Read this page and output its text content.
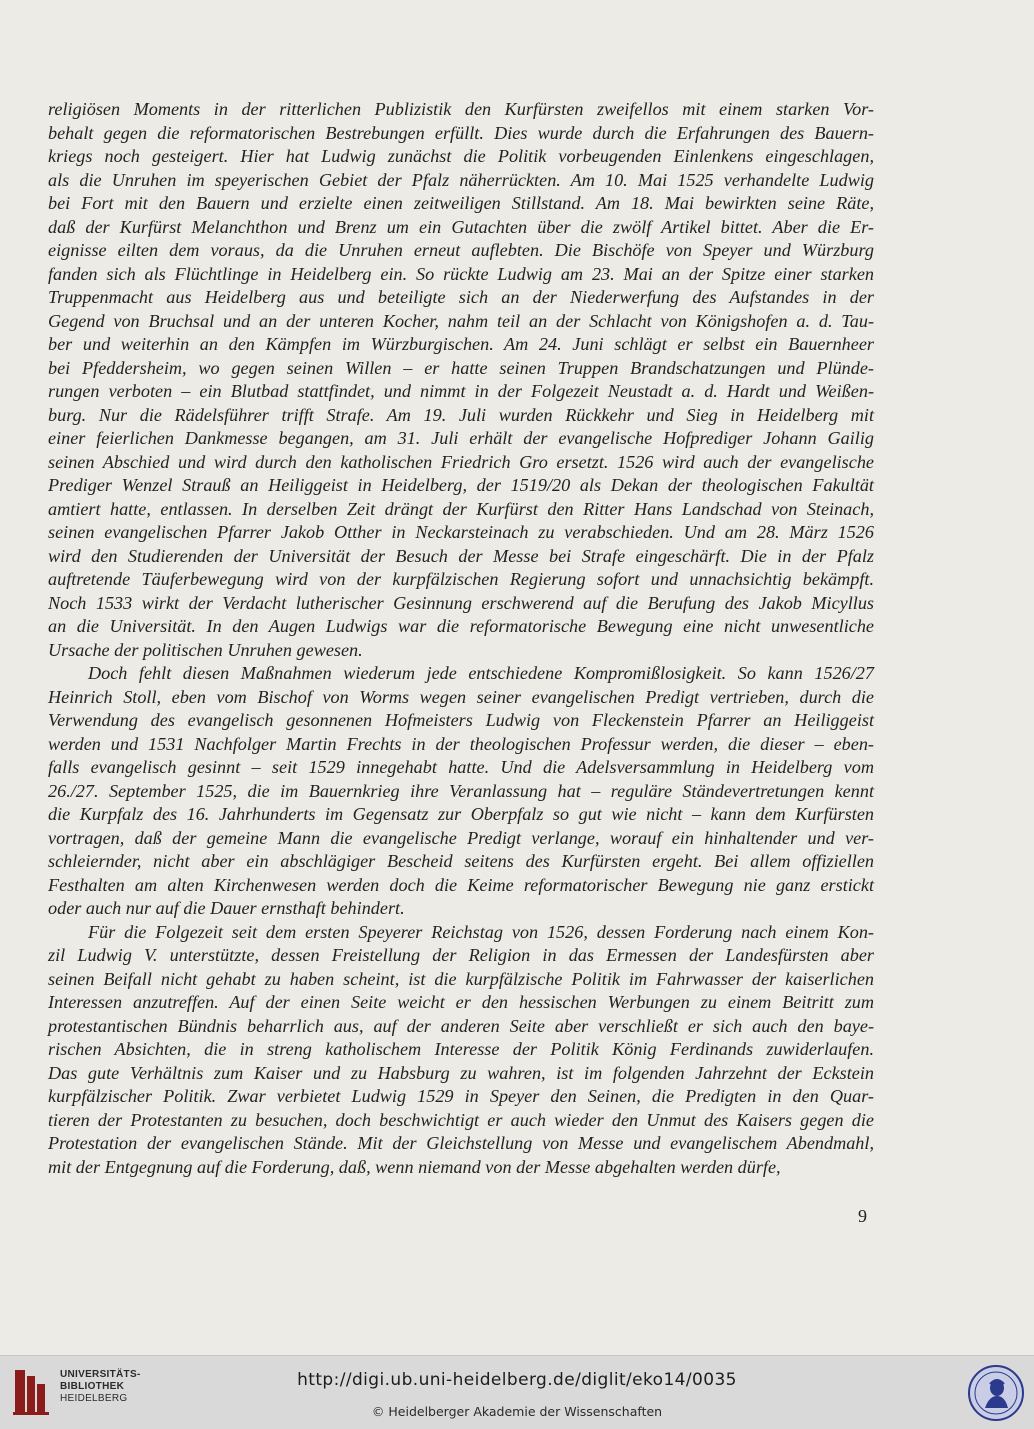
religiösen Moments in der ritterlichen Publizistik den Kurfürsten zweifellos mit einem starken Vor-
behalt gegen die reformatorischen Bestrebungen erfüllt. Dies wurde durch die Erfahrungen des Bauern-
kriegs noch gesteigert. Hier hat Ludwig zunächst die Politik vorbeugenden Einlenkens eingeschlagen,
als die Unruhen im speyerischen Gebiet der Pfalz näherrückten. Am 10. Mai 1525 verhandelte Ludwig
bei Fort mit den Bauern und erzielte einen zeitweiligen Stillstand. Am 18. Mai bewirkten seine Räte,
daß der Kurfürst Melanchthon und Brenz um ein Gutachten über die zwölf Artikel bittet. Aber die Er-
eignisse eilten dem voraus, da die Unruhen erneut auflebten. Die Bischöfe von Speyer und Würzburg
fanden sich als Flüchtlinge in Heidelberg ein. So rückte Ludwig am 23. Mai an der Spitze einer starken
Truppenmacht aus Heidelberg aus und beteiligte sich an der Niederwerfung des Aufstandes in der
Gegend von Bruchsal und an der unteren Kocher, nahm teil an der Schlacht von Königshofen a. d. Tau-
ber und weiterhin an den Kämpfen im Würzburgischen. Am 24. Juni schlägt er selbst ein Bauernheer
bei Pfeddersheim, wo gegen seinen Willen – er hatte seinen Truppen Brandschatzungen und Plünde-
rungen verboten – ein Blutbad stattfindet, und nimmt in der Folgezeit Neustadt a. d. Hardt und Weißen-
burg. Nur die Rädelsführer trifft Strafe. Am 19. Juli wurden Rückkehr und Sieg in Heidelberg mit
einer feierlichen Dankmesse begangen, am 31. Juli erhält der evangelische Hofprediger Johann Gailig
seinen Abschied und wird durch den katholischen Friedrich Gro ersetzt. 1526 wird auch der evangelische
Prediger Wenzel Strauß an Heiliggeist in Heidelberg, der 1519/20 als Dekan der theologischen Fakultät
amtiert hatte, entlassen. In derselben Zeit drängt der Kurfürst den Ritter Hans Landschad von Steinach,
seinen evangelischen Pfarrer Jakob Otther in Neckarsteinach zu verabschieden. Und am 28. März 1526
wird den Studierenden der Universität der Besuch der Messe bei Strafe eingeschärft. Die in der Pfalz
auftretende Täuferbewegung wird von der kurpfälzischen Regierung sofort und unnachsichtig bekämpft.
Noch 1533 wirkt der Verdacht lutherischer Gesinnung erschwerend auf die Berufung des Jakob Micyllus
an die Universität. In den Augen Ludwigs war die reformatorische Bewegung eine nicht unwesentliche
Ursache der politischen Unruhen gewesen.
Doch fehlt diesen Maßnahmen wiederum jede entschiedene Kompromißlosigkeit. So kann 1526/27
Heinrich Stoll, eben vom Bischof von Worms wegen seiner evangelischen Predigt vertrieben, durch die
Verwendung des evangelisch gesonnenen Hofmeisters Ludwig von Fleckenstein Pfarrer an Heiliggeist
werden und 1531 Nachfolger Martin Frechts in der theologischen Professur werden, die dieser – eben-
falls evangelisch gesinnt – seit 1529 innegehabt hatte. Und die Adelsversammlung in Heidelberg vom
26./27. September 1525, die im Bauernkrieg ihre Veranlassung hat – reguläre Ständevertretungen kennt
die Kurpfalz des 16. Jahrhunderts im Gegensatz zur Oberpfalz so gut wie nicht – kann dem Kurfürsten
vortragen, daß der gemeine Mann die evangelische Predigt verlange, worauf ein hinhaltender und ver-
schleiernder, nicht aber ein abschlägiger Bescheid seitens des Kurfürsten ergeht. Bei allem offiziellen
Festhalten am alten Kirchenwesen werden doch die Keime reformatorischer Bewegung nie ganz erstickt
oder auch nur auf die Dauer ernsthaft behindert.
Für die Folgezeit seit dem ersten Speyerer Reichstag von 1526, dessen Forderung nach einem Kon-
zil Ludwig V. unterstützte, dessen Freistellung der Religion in das Ermessen der Landesfürsten aber
seinen Beifall nicht gehabt zu haben scheint, ist die kurpfälzische Politik im Fahrwasser der kaiserlichen
Interessen anzutreffen. Auf der einen Seite weicht er den hessischen Werbungen zu einem Beitritt zum
protestantischen Bündnis beharrlich aus, auf der anderen Seite aber verschließt er sich auch den baye-
rischen Absichten, die in streng katholischem Interesse der Politik König Ferdinands zuwiderlaufen.
Das gute Verhältnis zum Kaiser und zu Habsburg zu wahren, ist im folgenden Jahrzehnt der Eckstein
kurpfälzischer Politik. Zwar verbietet Ludwig 1529 in Speyer den Seinen, die Predigten in den Quar-
tieren der Protestanten zu besuchen, doch beschwichtigt er auch wieder den Unmut des Kaisers gegen die
Protestation der evangelischen Stände. Mit der Gleichstellung von Messe und evangelischem Abendmahl,
mit der Entgegnung auf die Forderung, daß, wenn niemand von der Messe abgehalten werden dürfe,
9
UNIVERSITÄTS-
BIBLIOTHEK
HEIDELBERG
http://digi.ub.uni-heidelberg.de/diglit/eko14/0035
© Heidelberger Akademie der Wissenschaften
